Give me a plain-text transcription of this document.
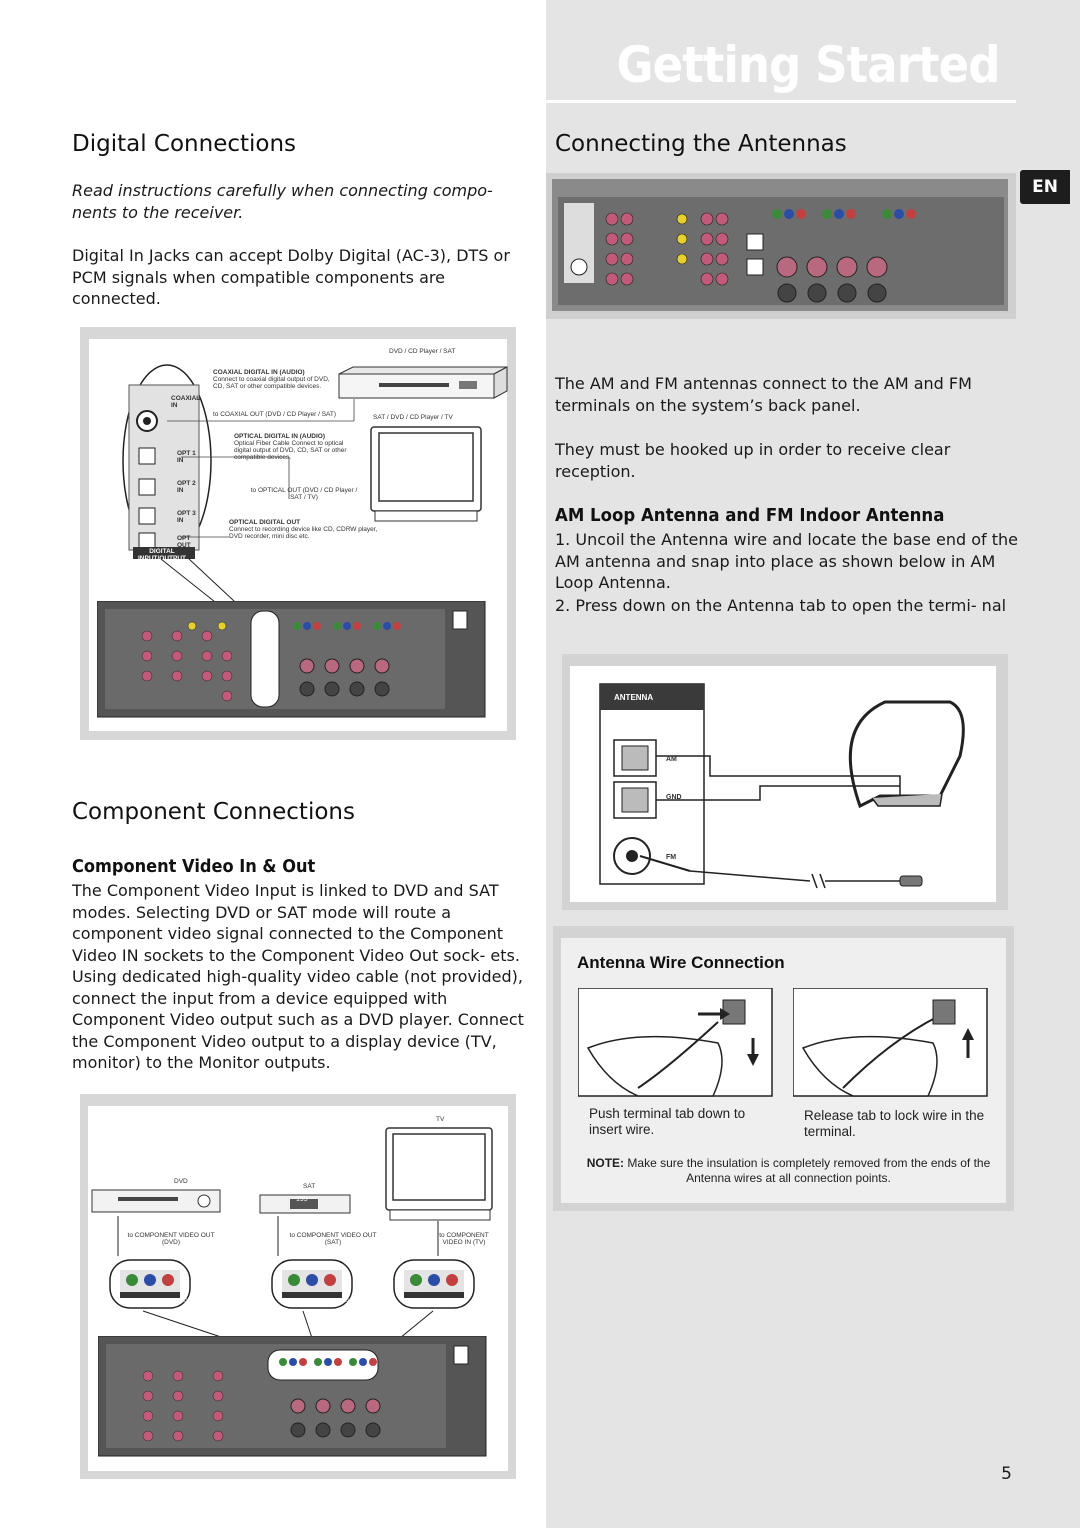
Getting Started
EN
Digital Connections

Read instructions carefully when connecting compo- nents to the receiver.

Digital In Jacks can accept Dolby Digital (AC-3), DTS or PCM signals when compatible components are connected.

DVD / CD Player / SAT
SAT / DVD / CD Player / TV
COAXIAL IN
OPT 1 IN
OPT 2 IN
OPT 3 IN
OPT OUT
DIGITAL INPUT/OUTPUT
COAXIAL DIGITAL IN (AUDIO)
Connect to coaxial digital output of DVD, CD, SAT or other compatible devices.
to COAXIAL OUT (DVD / CD Player / SAT)
OPTICAL DIGITAL IN (AUDIO)
Optical Fiber Cable Connect to optical digital output of DVD, CD, SAT or other compatible devices.
to OPTICAL OUT (DVD / CD Player / SAT / TV)
OPTICAL DIGITAL OUT
Connect to recording device like CD, CDRW player, DVD recorder, mini disc etc.
Component Connections
Component Video In & Out

The Component Video Input is linked to DVD and SAT modes. Selecting DVD or SAT mode will route a component video signal connected to the Component Video IN sockets to the Component Video Out sock- ets. Using dedicated high-quality video cable (not provided), connect the input from a device equipped with Component Video output such as a DVD player. Connect the Component Video output to a display device (TV, monitor) to the Monitor outputs.

TV
DVD
SAT
199
to COMPONENT VIDEO OUT (DVD)
to COMPONENT VIDEO OUT (SAT)
to COMPONENT VIDEO IN (TV)
DVD COMPONENT VIDEO IN	SAT COMPONENT VIDEO IN
MONITOR OUT
Connecting the Antennas

The AM and FM antennas connect to the AM and FM terminals on the system’s back panel.

They must be hooked up in order to receive clear reception.

AM Loop Antenna and FM Indoor Antenna

1. Uncoil the Antenna wire and locate the base end of the AM antenna and snap into place as shown below in AM Loop Antenna.

2. Press down on the Antenna tab to open the termi- nal

ANTENNA
AM
GND
FM
Antenna Wire Connection
Push terminal tab down to insert wire.
Release tab to lock wire in the terminal.
NOTE: Make sure the insulation is completely removed from the ends of the Antenna wires at all connection points.
5
